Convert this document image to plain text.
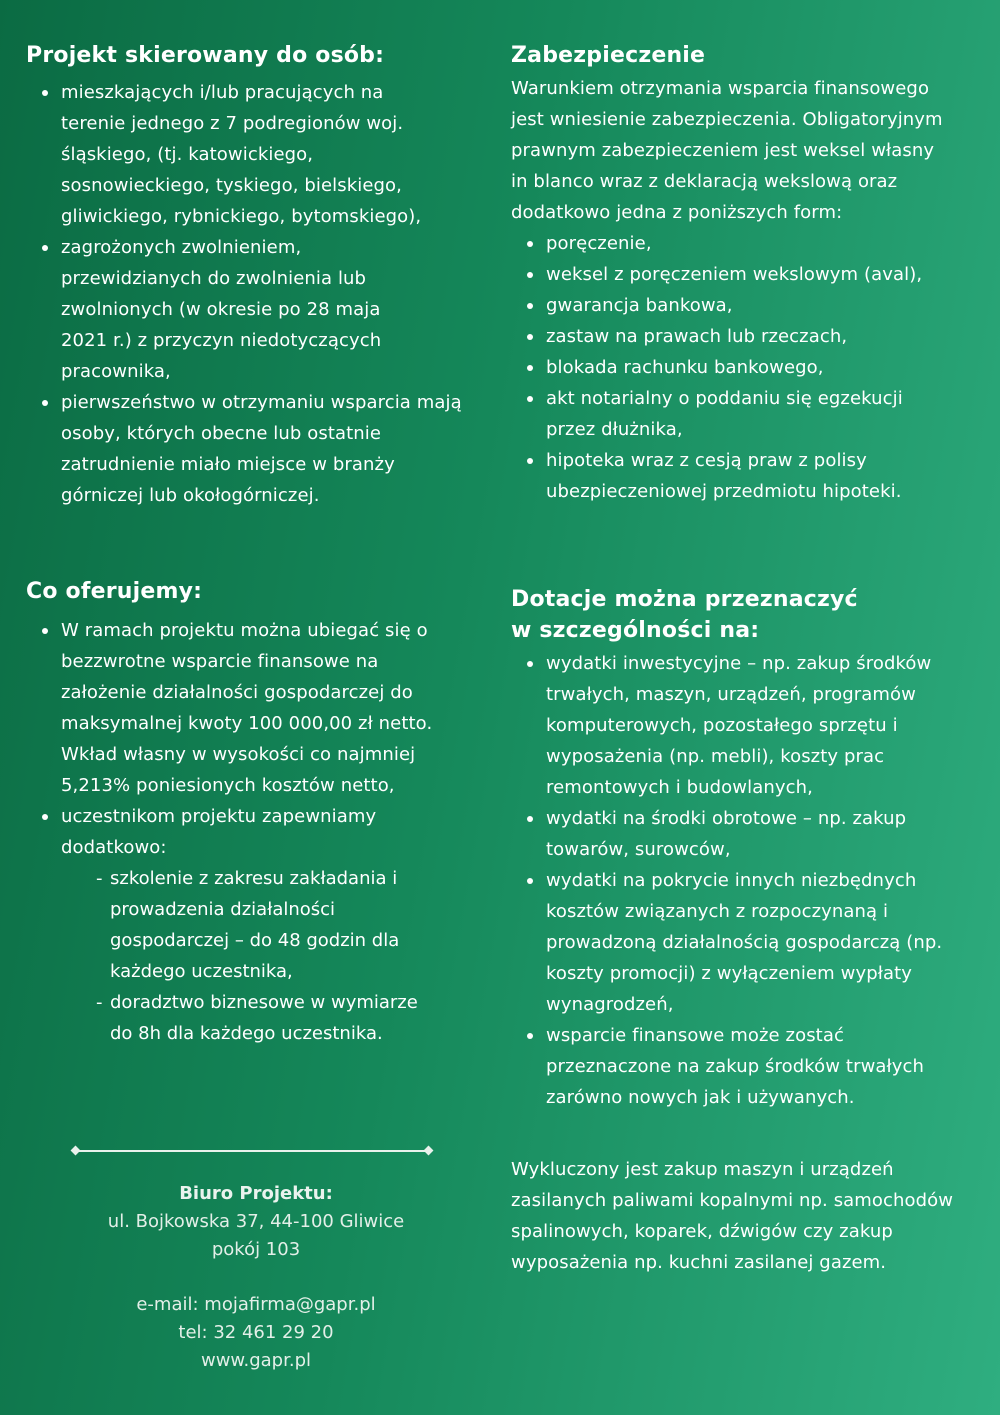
Projekt skierowany do osób:
mieszkających i/lub pracujących na terenie jednego z 7 podregionów woj. śląskiego, (tj. katowickiego, sosnowieckiego, tyskiego, bielskiego, gliwickiego, rybnickiego, bytomskiego),
zagrożonych zwolnieniem, przewidzianych do zwolnienia lub zwolnionych (w okresie po 28 maja 2021 r.) z przyczyn niedotyczących pracownika,
pierwszeństwo w otrzymaniu wsparcia mają osoby, których obecne lub ostatnie zatrudnienie miało miejsce w branży górniczej lub okołogórniczej.
Co oferujemy:
W ramach projektu można ubiegać się o bezzwrotne wsparcie finansowe na założenie działalności gospodarczej do maksymalnej kwoty 100 000,00 zł netto. Wkład własny w wysokości co najmniej 5,213% poniesionych kosztów netto,
uczestnikom projektu zapewniamy dodatkowo:
- szkolenie z zakresu zakładania i prowadzenia działalności gospodarczej – do 48 godzin dla każdego uczestnika,
- doradztwo biznesowe w wymiarze do 8h dla każdego uczestnika.
Biuro Projektu:
ul. Bojkowska 37, 44-100 Gliwice
pokój 103
e-mail: mojafirma@gapr.pl
tel: 32 461 29 20
www.gapr.pl
Zabezpieczenie

Warunkiem otrzymania wsparcia finansowego jest wniesienie zabezpieczenia. Obligatoryjnym prawnym zabezpieczeniem jest weksel własny in blanco wraz z deklaracją wekslową oraz dodatkowo jedna z poniższych form:

poręczenie,
weksel z poręczeniem wekslowym (aval),
gwarancja bankowa,
zastaw na prawach lub rzeczach,
blokada rachunku bankowego,
akt notarialny o poddaniu się egzekucji przez dłużnika,
hipoteka wraz z cesją praw z polisy ubezpieczeniowej przedmiotu hipoteki.
Dotacje można przeznaczyć w szczególności na:
wydatki inwestycyjne – np. zakup środków trwałych, maszyn, urządzeń, programów komputerowych, pozostałego sprzętu i wyposażenia (np. mebli), koszty prac remontowych i budowlanych,
wydatki na środki obrotowe – np. zakup towarów, surowców,
wydatki na pokrycie innych niezbędnych kosztów związanych z rozpoczynaną i prowadzoną działalnością gospodarczą (np. koszty promocji) z wyłączeniem wypłaty wynagrodzeń,
wsparcie finansowe może zostać przeznaczone na zakup środków trwałych zarówno nowych jak i używanych.

Wykluczony jest zakup maszyn i urządzeń zasilanych paliwami kopalnymi np. samochodów spalinowych, koparek, dźwigów czy zakup wyposażenia np. kuchni zasilanej gazem.
